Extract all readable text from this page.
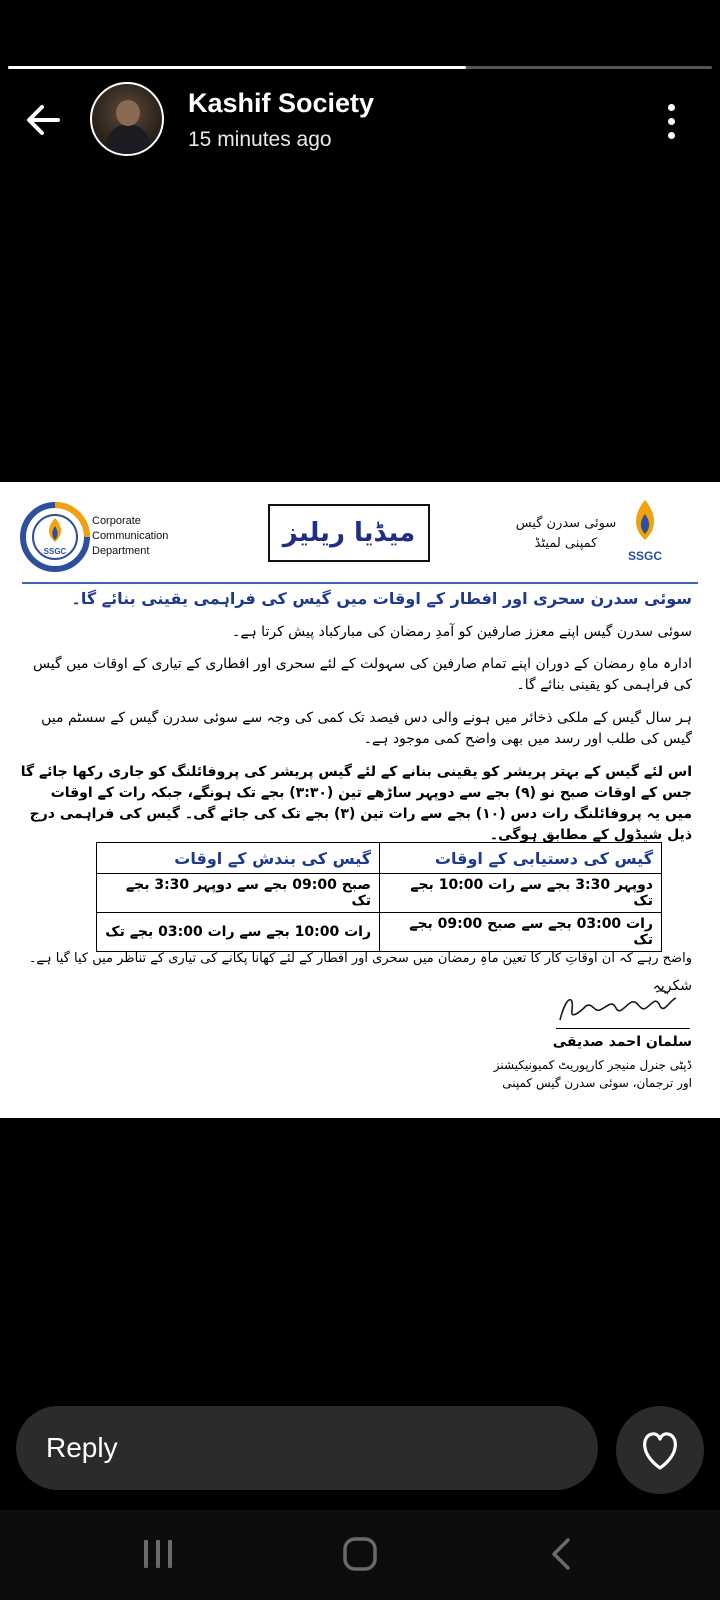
Kashif Society
15 minutes ago
SSGC
Corporate
Communication
Department
میڈیا ریلیز	سوئی سدرن گیس
کمپنی لمیٹڈ
SSGC
سوئی سدرن سحری اور افطار کے اوقات میں گیس کی فراہمی یقینی بنائے گا۔
سوئی سدرن گیس اپنے معزز صارفین کو آمدِ رمضان کی مبارکباد پیش کرتا ہے۔
ادارہ ماہِ رمضان کے دوران اپنے تمام صارفین کی سہولت کے لئے سحری اور افطاری کے تیاری کے اوقات میں گیس کی فراہمی کو یقینی بنائے گا۔
ہر سال گیس کے ملکی ذخائر میں ہونے والی دس فیصد تک کمی کی وجہ سے سوئی سدرن گیس کے سسٹم میں گیس کی طلب اور رسد میں بھی واضح کمی موجود ہے۔
اس لئے گیس کے بہتر پریشر کو یقینی بنانے کے لئے گیس پریشر کی پروفائلنگ کو جاری رکھا جائے گا جس کے اوقات صبح نو (۹) بجے سے دوپہر ساڑھے تین (۳:۳۰) بجے تک ہونگے، جبکہ رات کے اوقات میں یہ پروفائلنگ رات دس (۱۰) بجے سے رات تین (۳) بجے تک کی جائے گی۔ گیس کی فراہمی درج ذیل شیڈول کے مطابق ہوگی۔
گیس کی دستیابی کے اوقات	گیس کی بندش کے اوقات
دوپہر 3:30 بجے سے رات 10:00 بجے تک	صبح 09:00 بجے سے دوپہر 3:30 بجے تک
رات 03:00 بجے سے صبح 09:00 بجے تک	رات 10:00 بجے سے رات 03:00 بجے تک
واضح رہے کہ ان اوقاتِ کار کا تعین ماہِ رمضان میں سحری اور افطار کے لئے کھانا پکانے کی تیاری کے تناظر میں کیا گیا ہے۔
شکریہ
سلمان احمد صدیقی
ڈپٹی جنرل منیجر کارپوریٹ کمیونیکیشنز
اور ترجمان، سوئی سدرن گیس کمپنی
Reply
